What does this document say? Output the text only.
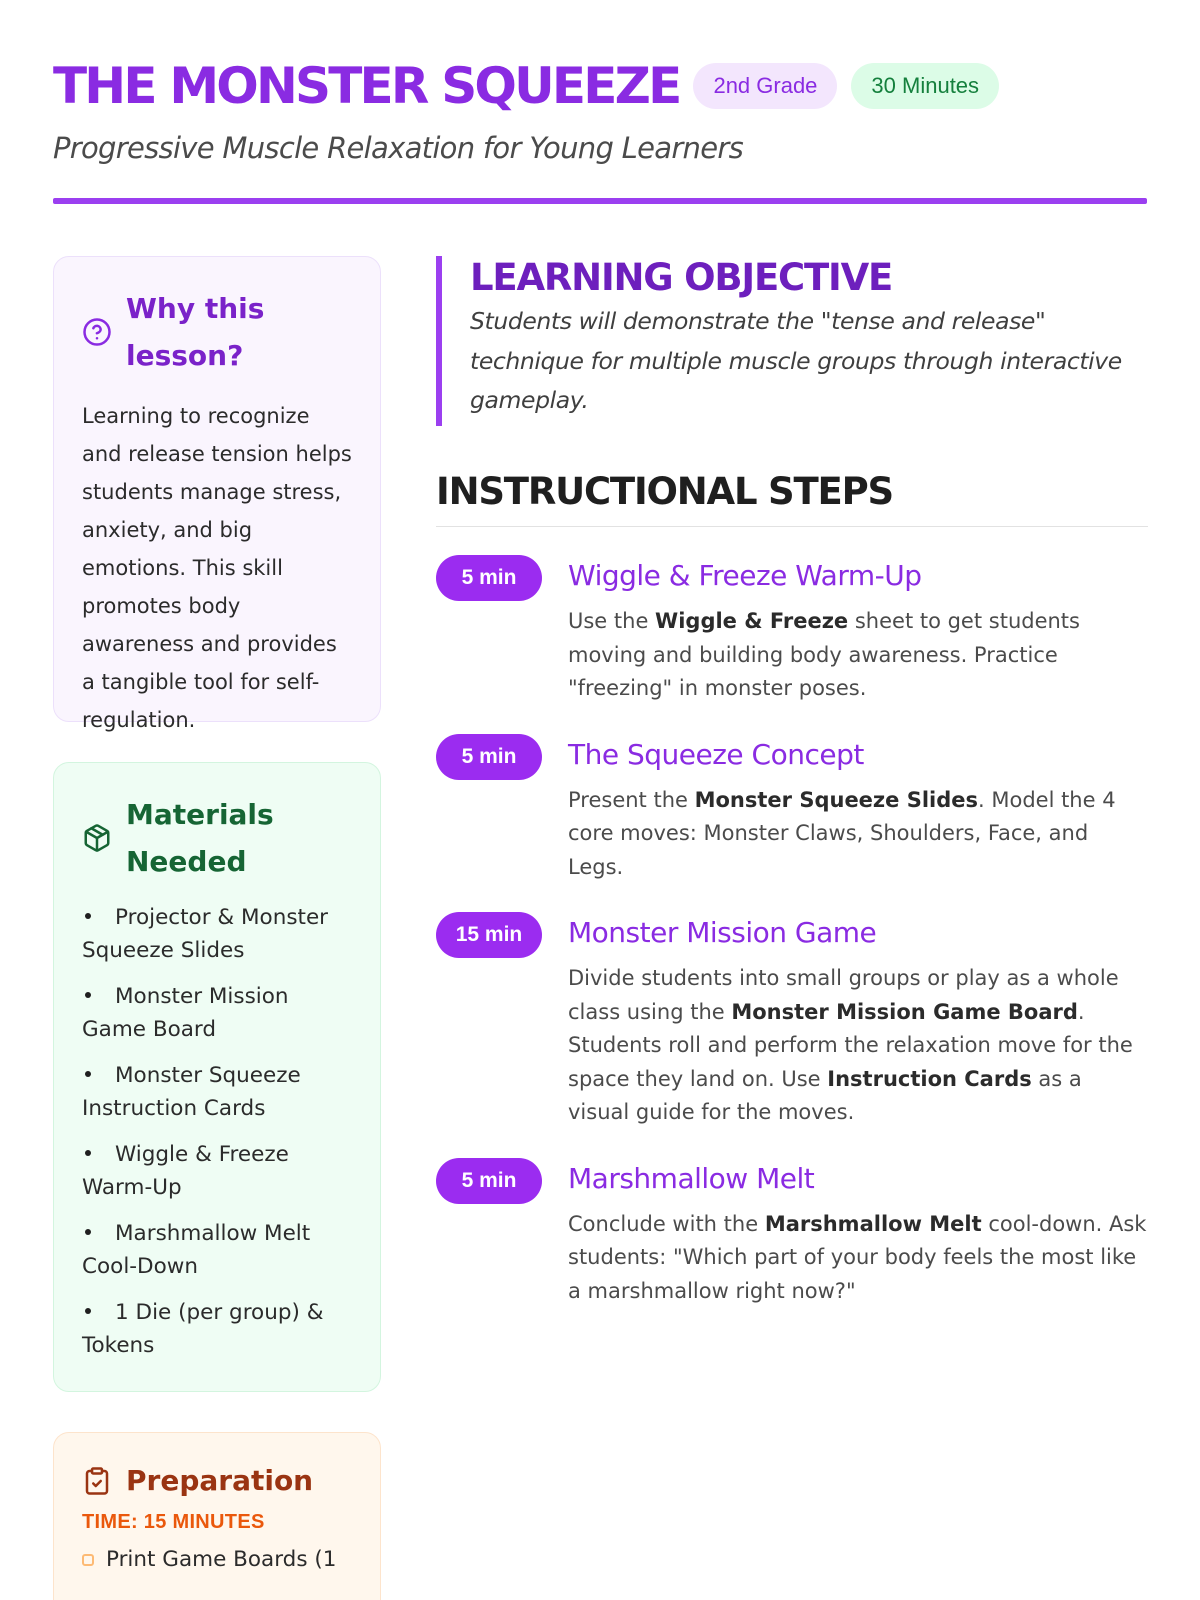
THE MONSTER SQUEEZE	2nd Grade	30 Minutes
Progressive Muscle Relaxation for Young Learners
Why this lesson?

Learning to recognize and release tension helps students manage stress, anxiety, and big emotions. This skill promotes body awareness and provides a tangible tool for self-regulation.

Materials Needed
Projector & Monster Squeeze Slides
Monster Mission Game Board
Monster Squeeze Instruction Cards
Wiggle & Freeze Warm-Up
Marshmallow Melt Cool-Down
1 Die (per group) & Tokens
Preparation
TIME: 15 MINUTES
Print Game Boards (1
LEARNING OBJECTIVE

Students will demonstrate the "tense and release" technique for multiple muscle groups through interactive gameplay.

INSTRUCTIONAL STEPS
5 min	Wiggle & Freeze Warm-Up

Use the Wiggle & Freeze sheet to get students moving and building body awareness. Practice "freezing" in monster poses.

5 min	The Squeeze Concept

Present the Monster Squeeze Slides. Model the 4 core moves: Monster Claws, Shoulders, Face, and Legs.

15 min	Monster Mission Game

Divide students into small groups or play as a whole class using the Monster Mission Game Board. Students roll and perform the relaxation move for the space they land on. Use Instruction Cards as a visual guide for the moves.

5 min	Marshmallow Melt

Conclude with the Marshmallow Melt cool-down. Ask students: "Which part of your body feels the most like a marshmallow right now?"
